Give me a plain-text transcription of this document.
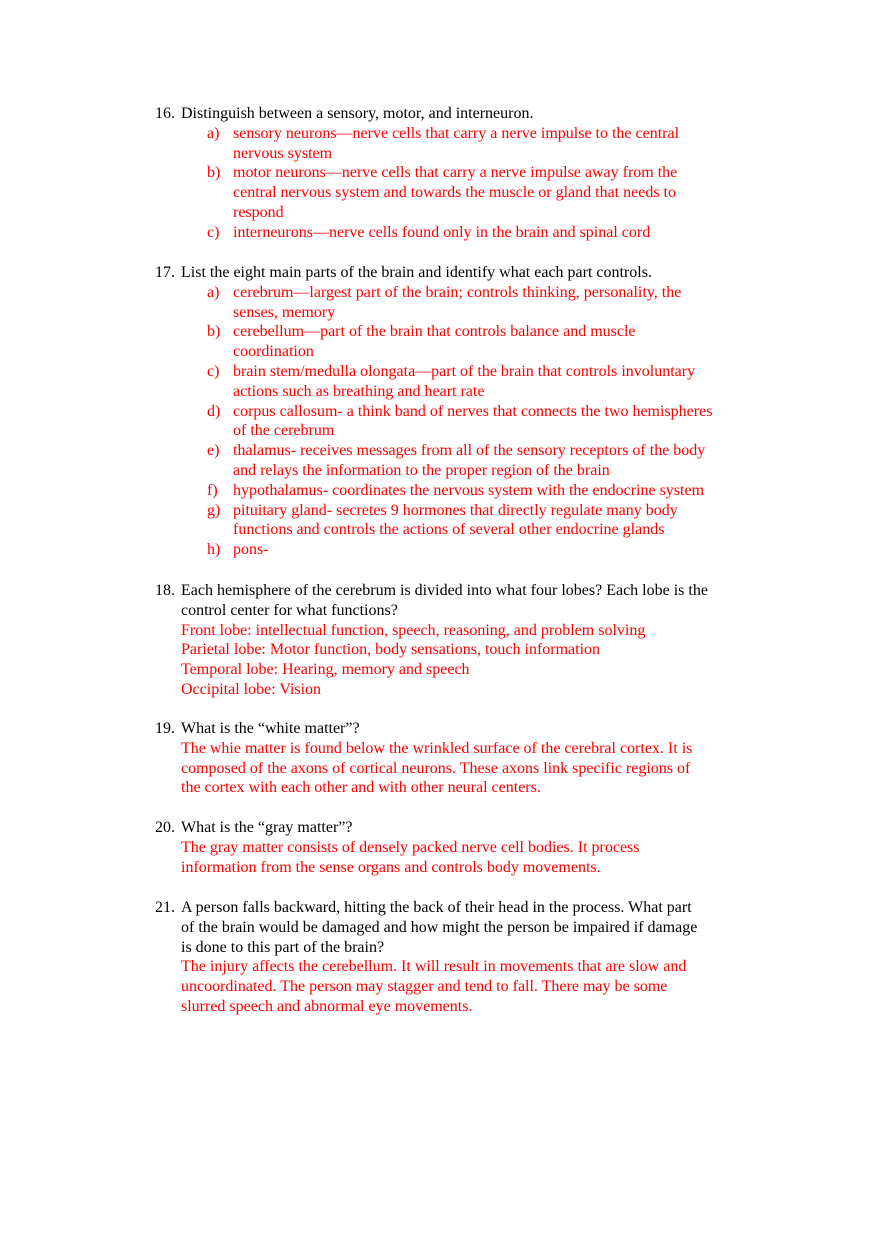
16. Distinguish between a sensory, motor, and interneuron.
a) sensory neurons—nerve cells that carry a nerve impulse to the central
nervous system
b) motor neurons—nerve cells that carry a nerve impulse away from the
central nervous system and towards the muscle or gland that needs to
respond
c) interneurons—nerve cells found only in the brain and spinal cord
17. List the eight main parts of the brain and identify what each part controls.
a) cerebrum—largest part of the brain; controls thinking, personality, the
senses, memory
b) cerebellum—part of the brain that controls balance and muscle
coordination
c) brain stem/medulla olongata—part of the brain that controls involuntary
actions such as breathing and heart rate
d) corpus callosum- a think band of nerves that connects the two hemispheres
of the cerebrum
e) thalamus- receives messages from all of the sensory receptors of the body
and relays the information to the proper region of the brain
f) hypothalamus- coordinates the nervous system with the endocrine system
g) pituitary gland- secretes 9 hormones that directly regulate many body
functions and controls the actions of several other endocrine glands
h) pons-
18. Each hemisphere of the cerebrum is divided into what four lobes? Each lobe is the
control center for what functions?
Front lobe: intellectual function, speech, reasoning, and problem solving
Parietal lobe: Motor function, body sensations, touch information
Temporal lobe: Hearing, memory and speech
Occipital lobe: Vision
19. What is the “white matter”?
The whie matter is found below the wrinkled surface of the cerebral cortex. It is
composed of the axons of cortical neurons. These axons link specific regions of
the cortex with each other and with other neural centers.
20. What is the “gray matter”?
The gray matter consists of densely packed nerve cell bodies. It process
information from the sense organs and controls body movements.
21. A person falls backward, hitting the back of their head in the process. What part
of the brain would be damaged and how might the person be impaired if damage
is done to this part of the brain?
The injury affects the cerebellum. It will result in movements that are slow and
uncoordinated. The person may stagger and tend to fall. There may be some
slurred speech and abnormal eye movements.
